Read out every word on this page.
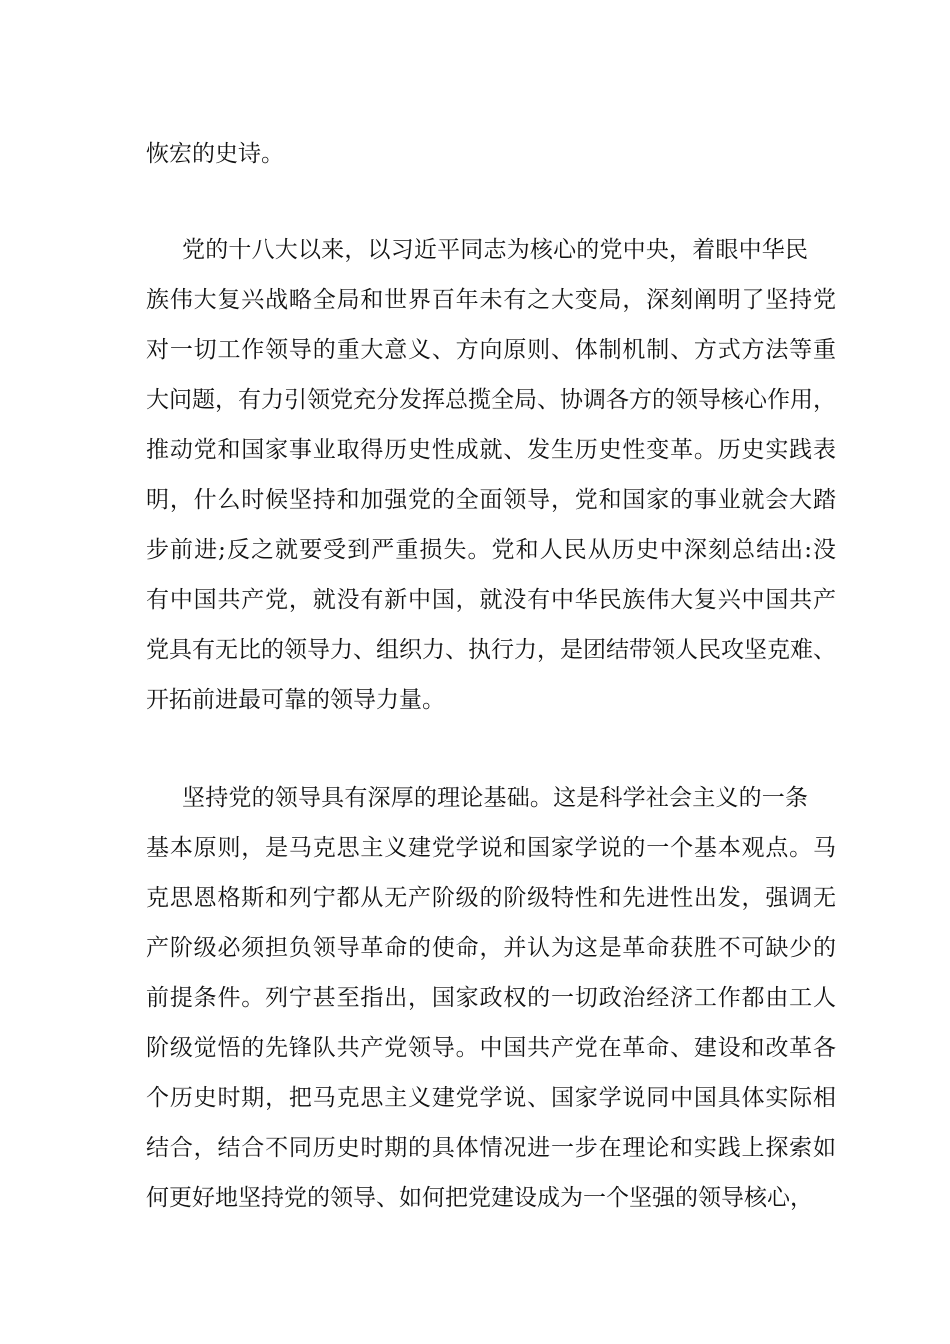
恢宏的史诗。
党的十八大以来，以习近平同志为核心的党中央，着眼中华民
族伟大复兴战略全局和世界百年未有之大变局，深刻阐明了坚持党
对一切工作领导的重大意义、方向原则、体制机制、方式方法等重
大问题，有力引领党充分发挥总揽全局、协调各方的领导核心作用，
推动党和国家事业取得历史性成就、发生历史性变革。历史实践表
明，什么时候坚持和加强党的全面领导，党和国家的事业就会大踏
步前进;反之就要受到严重损失。党和人民从历史中深刻总结出:没
有中国共产党，就没有新中国，就没有中华民族伟大复兴中国共产
党具有无比的领导力、组织力、执行力，是团结带领人民攻坚克难、
开拓前进最可靠的领导力量。
坚持党的领导具有深厚的理论基础。这是科学社会主义的一条
基本原则，是马克思主义建党学说和国家学说的一个基本观点。马
克思恩格斯和列宁都从无产阶级的阶级特性和先进性出发，强调无
产阶级必须担负领导革命的使命，并认为这是革命获胜不可缺少的
前提条件。列宁甚至指出，国家政权的一切政治经济工作都由工人
阶级觉悟的先锋队共产党领导。中国共产党在革命、建设和改革各
个历史时期，把马克思主义建党学说、国家学说同中国具体实际相
结合，结合不同历史时期的具体情况进一步在理论和实践上探索如
何更好地坚持党的领导、如何把党建设成为一个坚强的领导核心，
